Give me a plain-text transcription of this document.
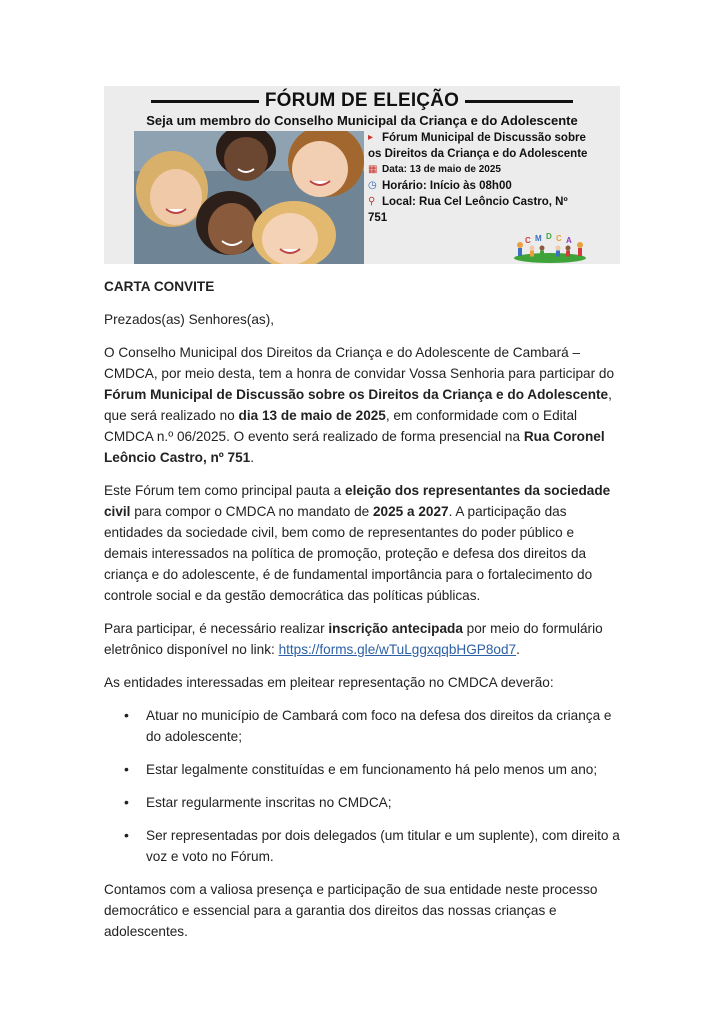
FÓRUM DE ELEIÇÃO
Seja um membro do Conselho Municipal da Criança e do Adolescente
▸ Fórum Municipal de Discussão sobre
os Direitos da Criança e do Adolescente
▦ Data: 13 de maio de 2025
◷ Horário: Início às 08h00
⚲ Local: Rua Cel Leôncio Castro, Nº
751
C M D C A

CARTA CONVITE

Prezados(as) Senhores(as),

O Conselho Municipal dos Direitos da Criança e do Adolescente de Cambará – CMDCA, por meio desta, tem a honra de convidar Vossa Senhoria para participar do Fórum Municipal de Discussão sobre os Direitos da Criança e do Adolescente, que será realizado no dia 13 de maio de 2025, em conformidade com o Edital CMDCA n.º 06/2025. O evento será realizado de forma presencial na Rua Coronel Leôncio Castro, nº 751.

Este Fórum tem como principal pauta a eleição dos representantes da sociedade civil para compor o CMDCA no mandato de 2025 a 2027. A participação das entidades da sociedade civil, bem como de representantes do poder público e demais interessados na política de promoção, proteção e defesa dos direitos da criança e do adolescente, é de fundamental importância para o fortalecimento do controle social e da gestão democrática das políticas públicas.

Para participar, é necessário realizar inscrição antecipada por meio do formulário eletrônico disponível no link: https://forms.gle/wTuLggxqqbHGP8od7.

As entidades interessadas em pleitear representação no CMDCA deverão:

• Atuar no município de Cambará com foco na defesa dos direitos da criança e do adolescente;
• Estar legalmente constituídas e em funcionamento há pelo menos um ano;
• Estar regularmente inscritas no CMDCA;
• Ser representadas por dois delegados (um titular e um suplente), com direito a voz e voto no Fórum.

Contamos com a valiosa presença e participação de sua entidade neste processo democrático e essencial para a garantia dos direitos das nossas crianças e adolescentes.
